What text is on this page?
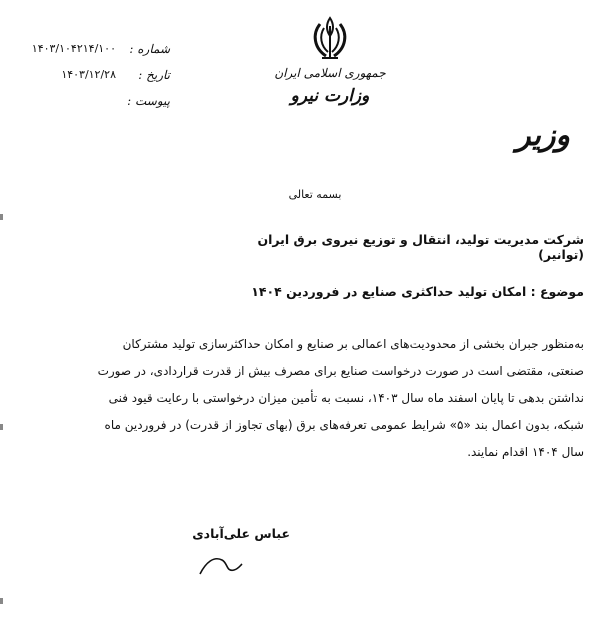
جمهوری اسلامی ایران
وزارت نیرو
شماره :
۱۴۰۳/۱۰۴۲۱۴/۱۰۰
تاریخ :
۱۴۰۳/۱۲/۲۸
پیوست :
وزیر
بسمه تعالی
شرکت مدیریت تولید، انتقال و توزیع نیروی برق ایران (توانیر)
موضوع : امکان تولید حداکثری صنایع در فروردین ۱۴۰۴
به‌منظور جبران بخشی از محدودیت‌های اعمالی بر صنایع و امکان حداکثرسازی تولید مشترکان
صنعتی، مقتضی است در صورت درخواست صنایع برای مصرف بیش از قدرت قراردادی، در صورت
نداشتن بدهی تا پایان اسفند ماه سال ۱۴۰۳، نسبت به تأمین میزان درخواستی با رعایت قیود فنی
شبکه، بدون اعمال بند «۵» شرایط عمومی تعرفه‌های برق (بهای تجاوز از قدرت) در فروردین ماه
سال ۱۴۰۴ اقدام نمایند.
عباس علی‌آبادی
